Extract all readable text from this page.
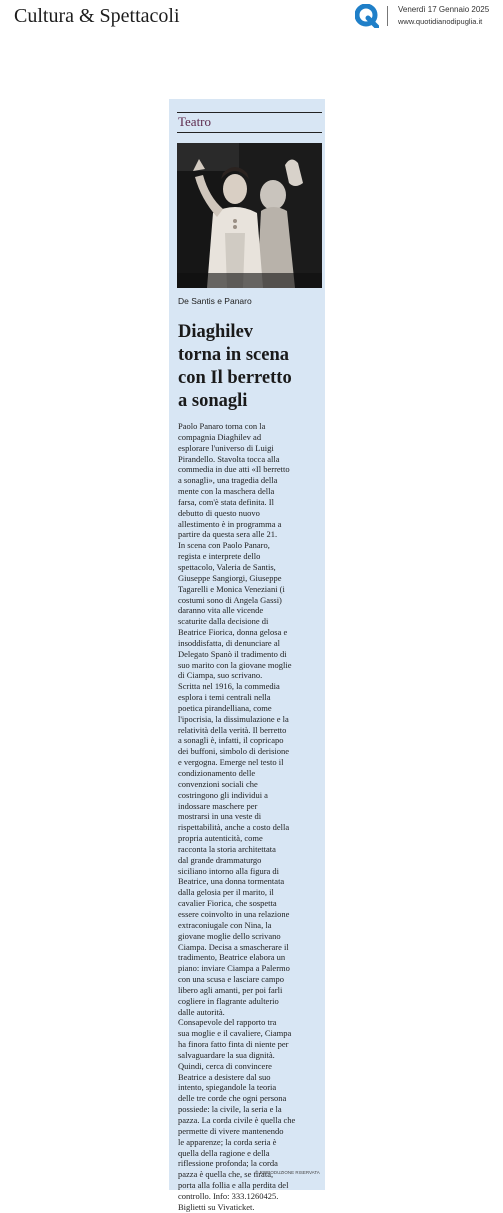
Cultura & Spettacoli	Venerdì 17 Gennaio 2025
www.quotidianodipuglia.it
Teatro
De Santis e Panaro
Diaghilev
torna in scena
con Il berretto
a sonagli
Paolo Panaro torna con la
compagnia Diaghilev ad
esplorare l'universo di Luigi
Pirandello. Stavolta tocca alla
commedia in due atti «Il berretto
a sonagli», una tragedia della
mente con la maschera della
farsa, com'è stata definita. Il
debutto di questo nuovo
allestimento è in programma a
partire da questa sera alle 21.
In scena con Paolo Panaro,
regista e interprete dello
spettacolo, Valeria de Santis,
Giuseppe Sangiorgi, Giuseppe
Tagarelli e Monica Veneziani (i
costumi sono di Angela Gassi)
daranno vita alle vicende
scaturite dalla decisione di
Beatrice Fiorica, donna gelosa e
insoddisfatta, di denunciare al
Delegato Spanò il tradimento di
suo marito con la giovane moglie
di Ciampa, suo scrivano.
Scritta nel 1916, la commedia
esplora i temi centrali nella
poetica pirandelliana, come
l'ipocrisia, la dissimulazione e la
relatività della verità. Il berretto
a sonagli è, infatti, il copricapo
dei buffoni, simbolo di derisione
e vergogna. Emerge nel testo il
condizionamento delle
convenzioni sociali che
costringono gli individui a
indossare maschere per
mostrarsi in una veste di
rispettabilità, anche a costo della
propria autenticità, come
racconta la storia architettata
dal grande drammaturgo
siciliano intorno alla figura di
Beatrice, una donna tormentata
dalla gelosia per il marito, il
cavalier Fiorica, che sospetta
essere coinvolto in una relazione
extraconiugale con Nina, la
giovane moglie dello scrivano
Ciampa. Decisa a smascherare il
tradimento, Beatrice elabora un
piano: inviare Ciampa a Palermo
con una scusa e lasciare campo
libero agli amanti, per poi farli
cogliere in flagrante adulterio
dalle autorità.
Consapevole del rapporto tra
sua moglie e il cavaliere, Ciampa
ha finora fatto finta di niente per
salvaguardare la sua dignità.
Quindi, cerca di convincere
Beatrice a desistere dal suo
intento, spiegandole la teoria
delle tre corde che ogni persona
possiede: la civile, la seria e la
pazza. La corda civile è quella che
permette di vivere mantenendo
le apparenze; la corda seria è
quella della ragione e della
riflessione profonda; la corda
pazza è quella che, se tirata,
porta alla follia e alla perdita del
controllo. Info: 333.1260425.
Biglietti su Vivaticket.
© RIPRODUZIONE RISERVATA
